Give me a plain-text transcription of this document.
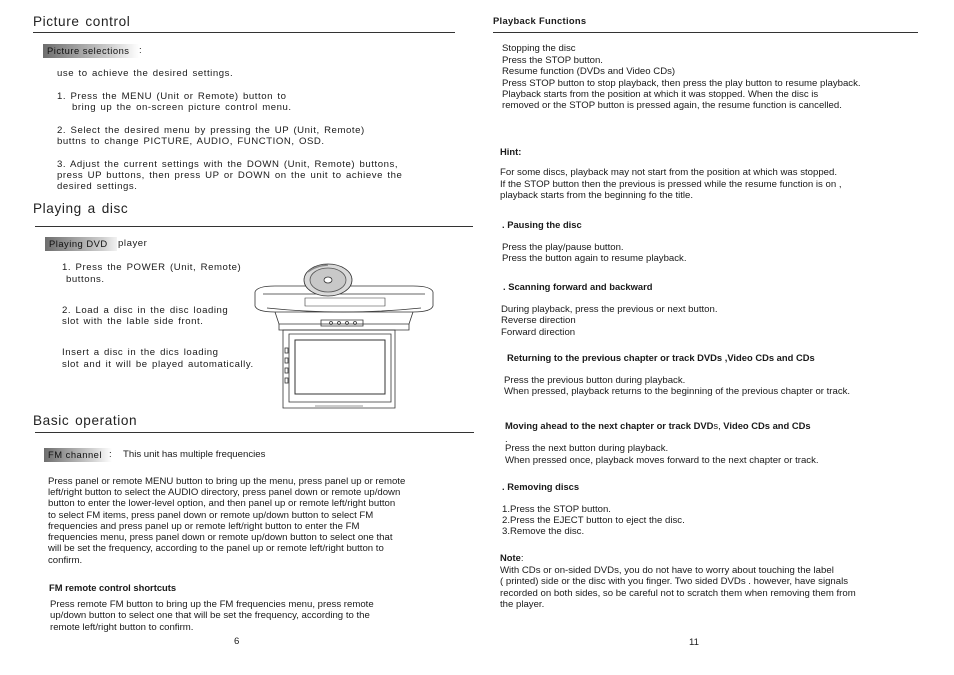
Picture control
Picture selections :
use to achieve the desired settings.
1. Press the MENU (Unit or Remote) button to
bring up the on-screen picture control menu.
2. Select the desired menu by pressing the UP (Unit, Remote)
buttns to change PICTURE, AUDIO, FUNCTION, OSD.
3. Adjust the current settings with the DOWN (Unit, Remote) buttons,
press UP buttons, then press UP or DOWN on the unit to achieve the
desired settings.
Playing a disc
Playing DVD	player
1. Press the POWER (Unit, Remote)
buttons.
2. Load a disc in the disc loading
slot with the lable side front.
Insert a disc in the dics loading
slot and it will be played automatically.
Basic operation
FM channel : This unit has multiple frequencies
Press panel or remote MENU button to bring up the menu, press panel up or remote
left/right button to select the AUDIO directory, press panel down or remote up/down
button to enter the lower-level option, and then panel up or remote left/right button
to select FM items, press panel down or remote up/down button to select FM
frequencies and press panel up or remote left/right button to enter the FM
frequencies menu, press panel down or remote up/down button to select one that
will be set the frequency, according to the panel up or remote left/right button to
confirm.
FM remote control shortcuts
Press remote FM button to bring up the FM frequencies menu, press remote
up/down button to select one that will be set the frequency, according to the
remote left/right button to confirm.
6
Playback Functions
Stopping the disc
Press the STOP button.
Resume function (DVDs and Video CDs)
Press STOP button to stop playback, then press the play button to resume playback.
Playback starts from the position at which it was stopped. When the disc is
removed or the STOP button is pressed again, the resume function is cancelled.
Hint:
For some discs, playback may not start from the position at which was stopped.
If the STOP button then the previous is pressed while the resume function is on ,
playback starts from the beginning fo the title.
. Pausing the disc
Press the play/pause button.
Press the button again to resume playback.
. Scanning forward and backward
During playback, press the previous or next button.
Reverse direction
Forward direction
Returning to the previous chapter or track DVDs ,Video CDs and CDs
Press the previous button during playback.
When pressed, playback returns to the beginning of the previous chapter or track.
Moving ahead to the next chapter or track DVDs, Video CDs and CDs
.
Press the next button during playback.
When pressed once, playback moves forward to the next chapter or track.
. Removing discs
1.Press the STOP button.
2.Press the EJECT button to eject the disc.
3.Remove the disc.
Note:
With CDs or on-sided DVDs, you do not have to worry about touching the label
( printed) side or the disc with you finger. Two sided DVDs . however, have signals
recorded on both sides, so be careful not to scratch them when removing them from
the player.
11
